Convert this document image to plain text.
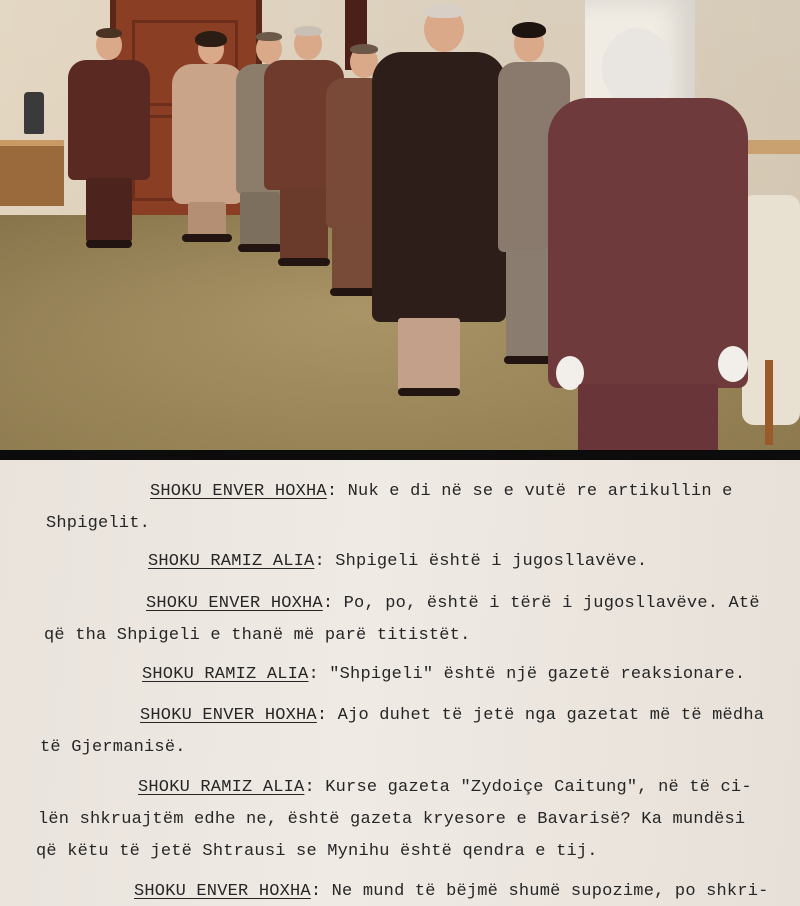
SHOKU ENVER HOXHA: Nuk e di në se e vutë re artikullin e
Shpigelit.
SHOKU RAMIZ ALIA: Shpigeli është i jugosllavëve.
SHOKU ENVER HOXHA: Po, po, është i tërë i jugosllavëve. Atë
që tha Shpigeli e thanë më parë titistët.
SHOKU RAMIZ ALIA: "Shpigeli" është një gazetë reaksionare.
SHOKU ENVER HOXHA: Ajo duhet të jetë nga gazetat më të mëdha
të Gjermanisë.
SHOKU RAMIZ ALIA: Kurse gazeta "Zydoiçe Caitung", në të ci-
lën shkruajtëm edhe ne, është gazeta kryesore e Bavarisë? Ka mundësi
që këtu të jetë Shtrausi se Mynihu është qendra e tij.
SHOKU ENVER HOXHA: Ne mund të bëjmë shumë supozime, po shkri-
